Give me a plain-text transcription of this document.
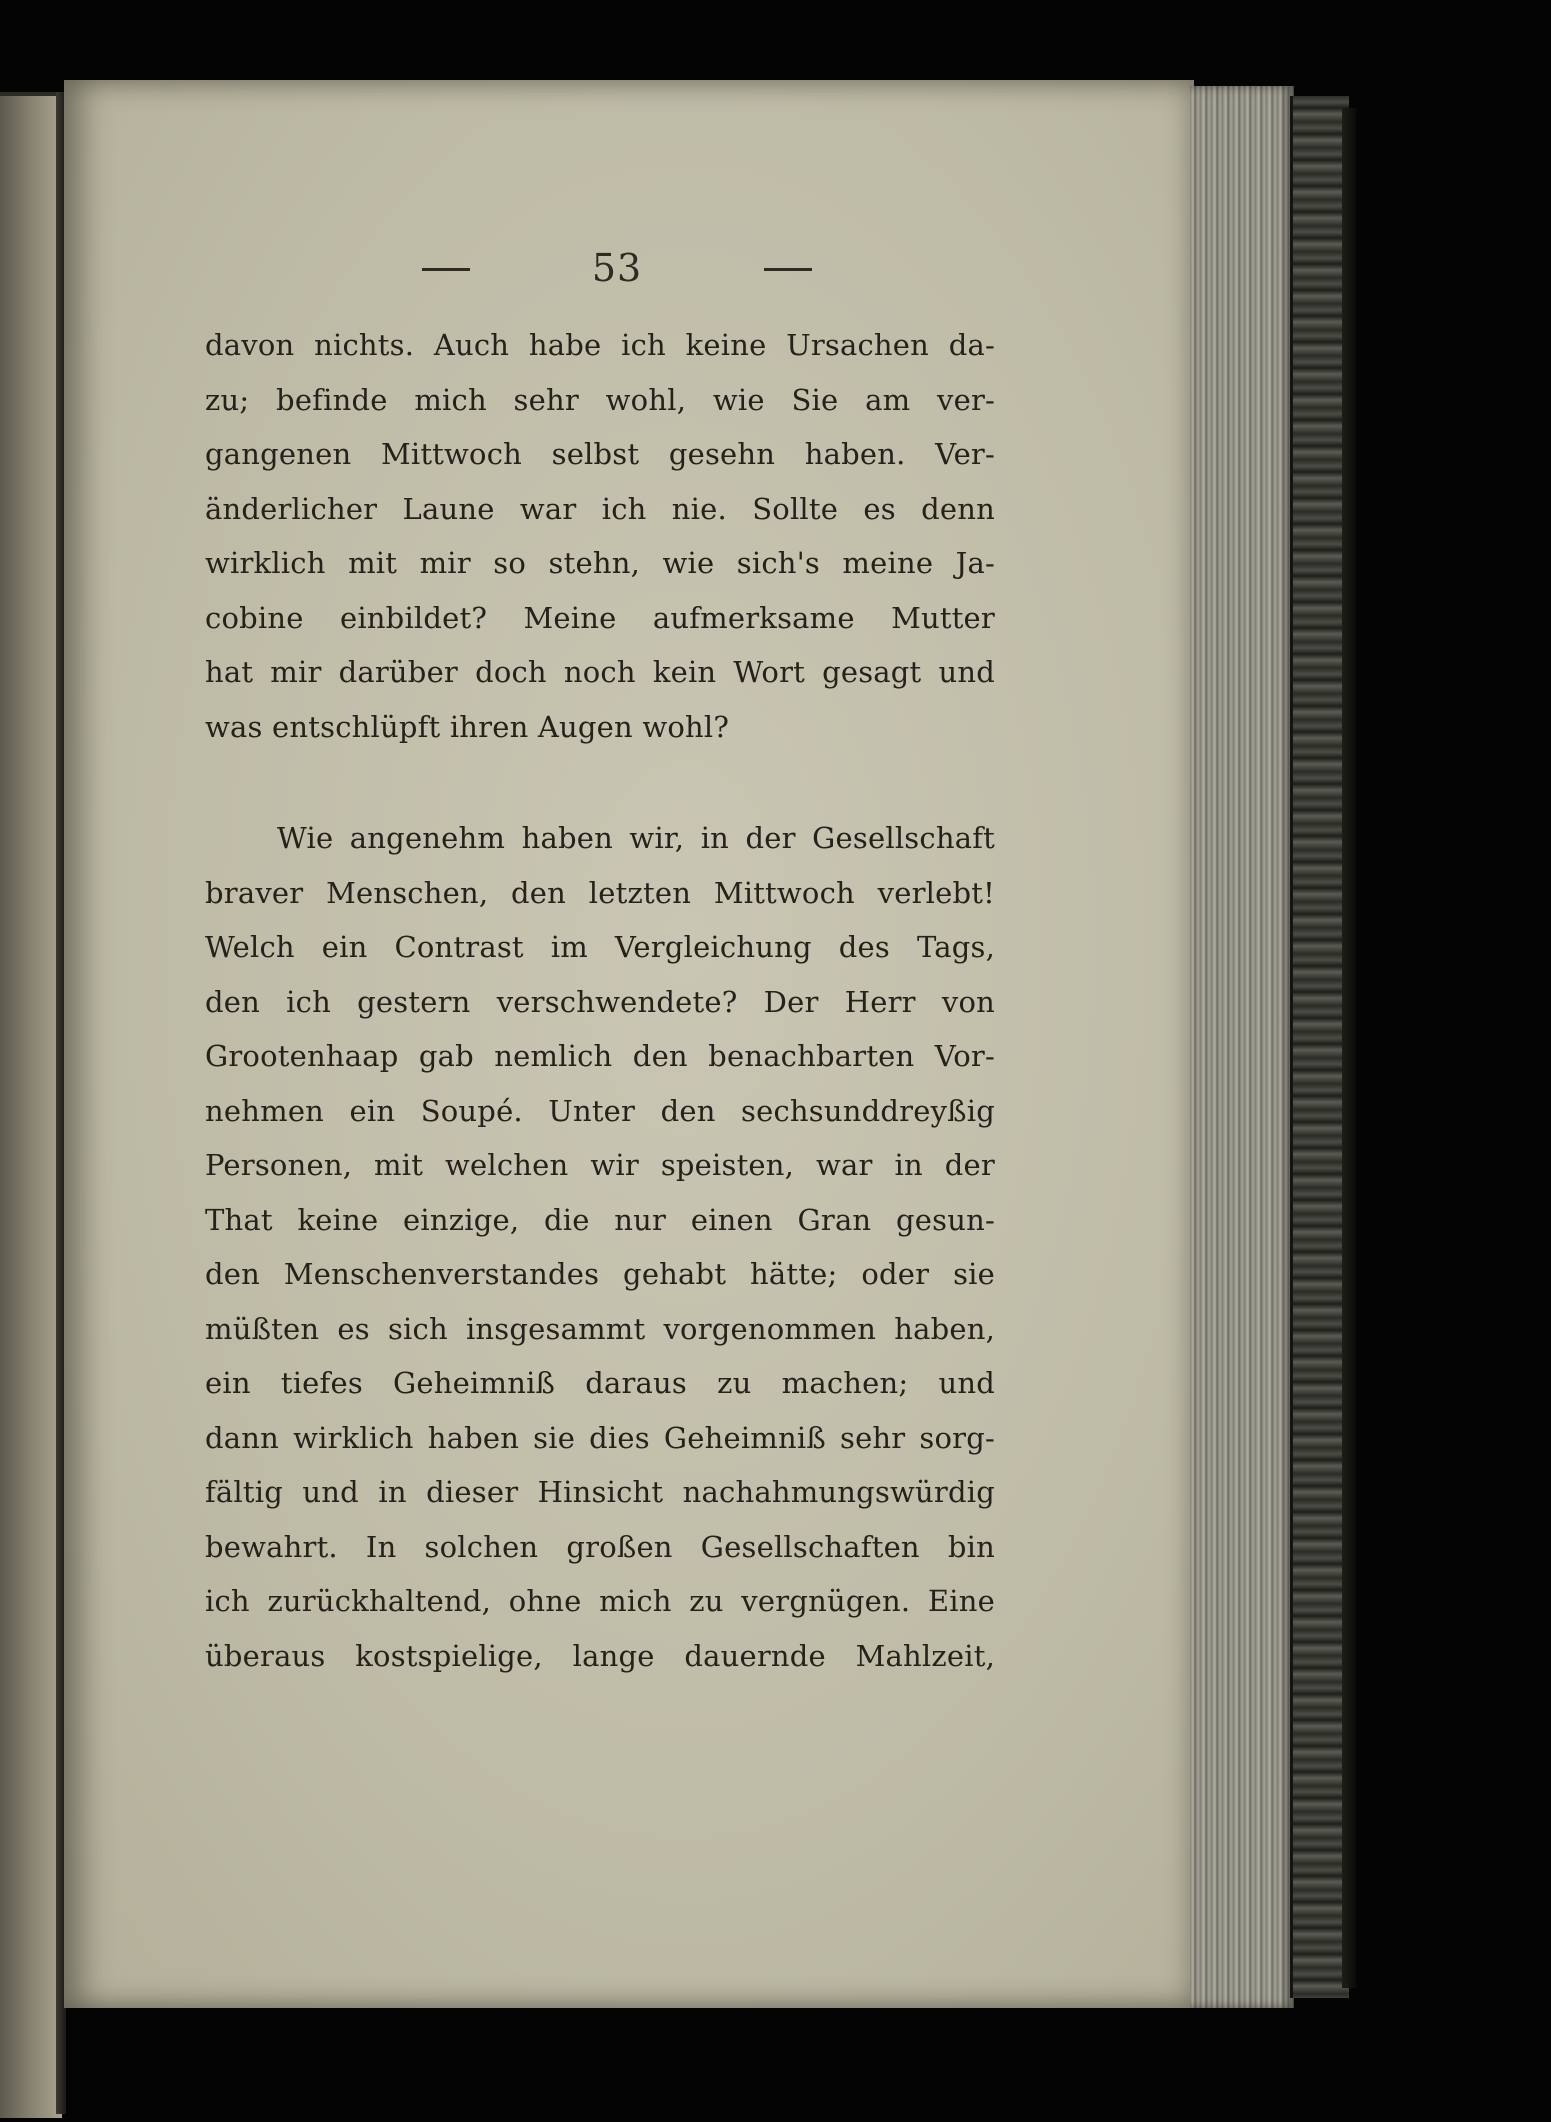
53
davon nichts. Auch habe ich keine Ursachen da-
zu; befinde mich sehr wohl, wie Sie am ver-
gangenen Mittwoch selbst gesehn haben. Ver-
änderlicher Laune war ich nie. Sollte es denn
wirklich mit mir so stehn, wie sich's meine Ja-
cobine einbildet? Meine aufmerksame Mutter
hat mir darüber doch noch kein Wort gesagt und
was entschlüpft ihren Augen wohl?
Wie angenehm haben wir, in der Gesellschaft
braver Menschen, den letzten Mittwoch verlebt!
Welch ein Contrast im Vergleichung des Tags,
den ich gestern verschwendete? Der Herr von
Grootenhaap gab nemlich den benachbarten Vor-
nehmen ein Soupé. Unter den sechsunddreyßig
Personen, mit welchen wir speisten, war in der
That keine einzige, die nur einen Gran gesun-
den Menschenverstandes gehabt hätte; oder sie
müßten es sich insgesammt vorgenommen haben,
ein tiefes Geheimniß daraus zu machen; und
dann wirklich haben sie dies Geheimniß sehr sorg-
fältig und in dieser Hinsicht nachahmungswürdig
bewahrt. In solchen großen Gesellschaften bin
ich zurückhaltend, ohne mich zu vergnügen. Eine
überaus kostspielige, lange dauernde Mahlzeit,
